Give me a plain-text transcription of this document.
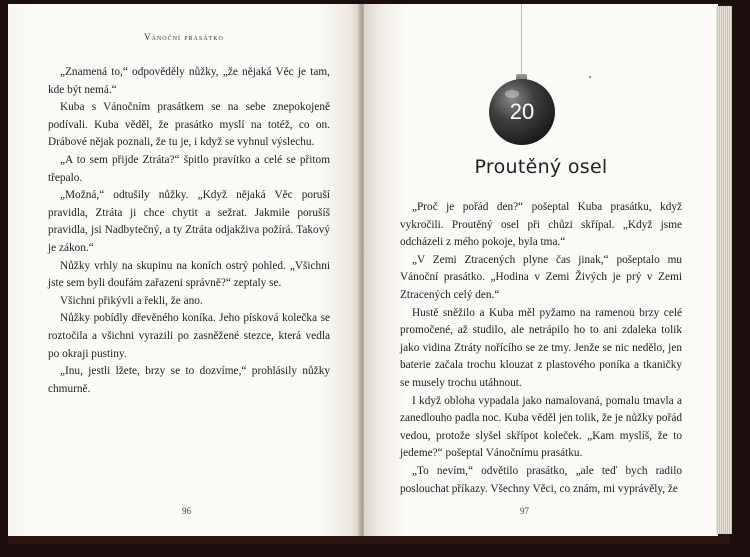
Vánoční prasátko

„Znamená to,“ odpověděly nůžky, „že nějaká Věc je tam, kde být nemá.“

Kuba s Vánočním prasátkem se na sebe znepokojeně podívali. Kuba věděl, že prasátko myslí na totéž, co on. Drábové nějak poznali, že tu je, i když se vyhnul výslechu.

„A to sem přijde Ztráta?“ špitlo pravítko a celé se přitom třepalo.

„Možná,“ odtušily nůžky. „Když nějaká Věc poruší pravidla, Ztráta ji chce chytit a sežrat. Jakmile porušíš pravidla, jsi Nadbytečný, a ty Ztráta odjakživa požírá. Takový je zákon.“

Nůžky vrhly na skupinu na koních ostrý pohled. „Všichni jste sem byli doufám zařazeni správně?“ zeptaly se.

Všichni přikývli a řekli, že ano.

Nůžky pobídly dřevěného koníka. Jeho písková kolečka se roztočila a všichni vyrazili po zasněžené stezce, která vedla po okraji pustiny.

„Inu, jestli lžete, brzy se to dozvíme,“ prohlásily nůžky chmurně.

96
20
Proutěný osel

„Proč je pořád den?“ pošeptal Kuba prasátku, když vykročili. Proutěný osel při chůzi skřípal. „Když jsme odcházeli z mého pokoje, byla tma.“

„V Zemi Ztracených plyne čas jinak,“ pošeptalo mu Vánoční prasátko. „Hodina v Zemi Živých je prý v Zemi Ztracených celý den.“

Hustě sněžilo a Kuba měl pyžamo na ramenou brzy celé promočené, až studilo, ale netrápilo ho to ani zdaleka tolik jako vidina Ztráty nořícího se ze tmy. Jenže se nic nedělo, jen baterie začala trochu klouzat z plastového poníka a tkaničky se musely trochu utáhnout.

I když obloha vypadala jako namalovaná, pomalu tmavla a zanedlouho padla noc. Kuba věděl jen tolik, že je nůžky pořád vedou, protože slyšel skřípot koleček. „Kam myslíš, že to jedeme?“ pošeptal Vánočnímu prasátku.

„To nevím,“ odvětilo prasátko, „ale teď bych radilo poslouchat příkazy. Všechny Věci, co znám, mi vyprávěly, že

97
